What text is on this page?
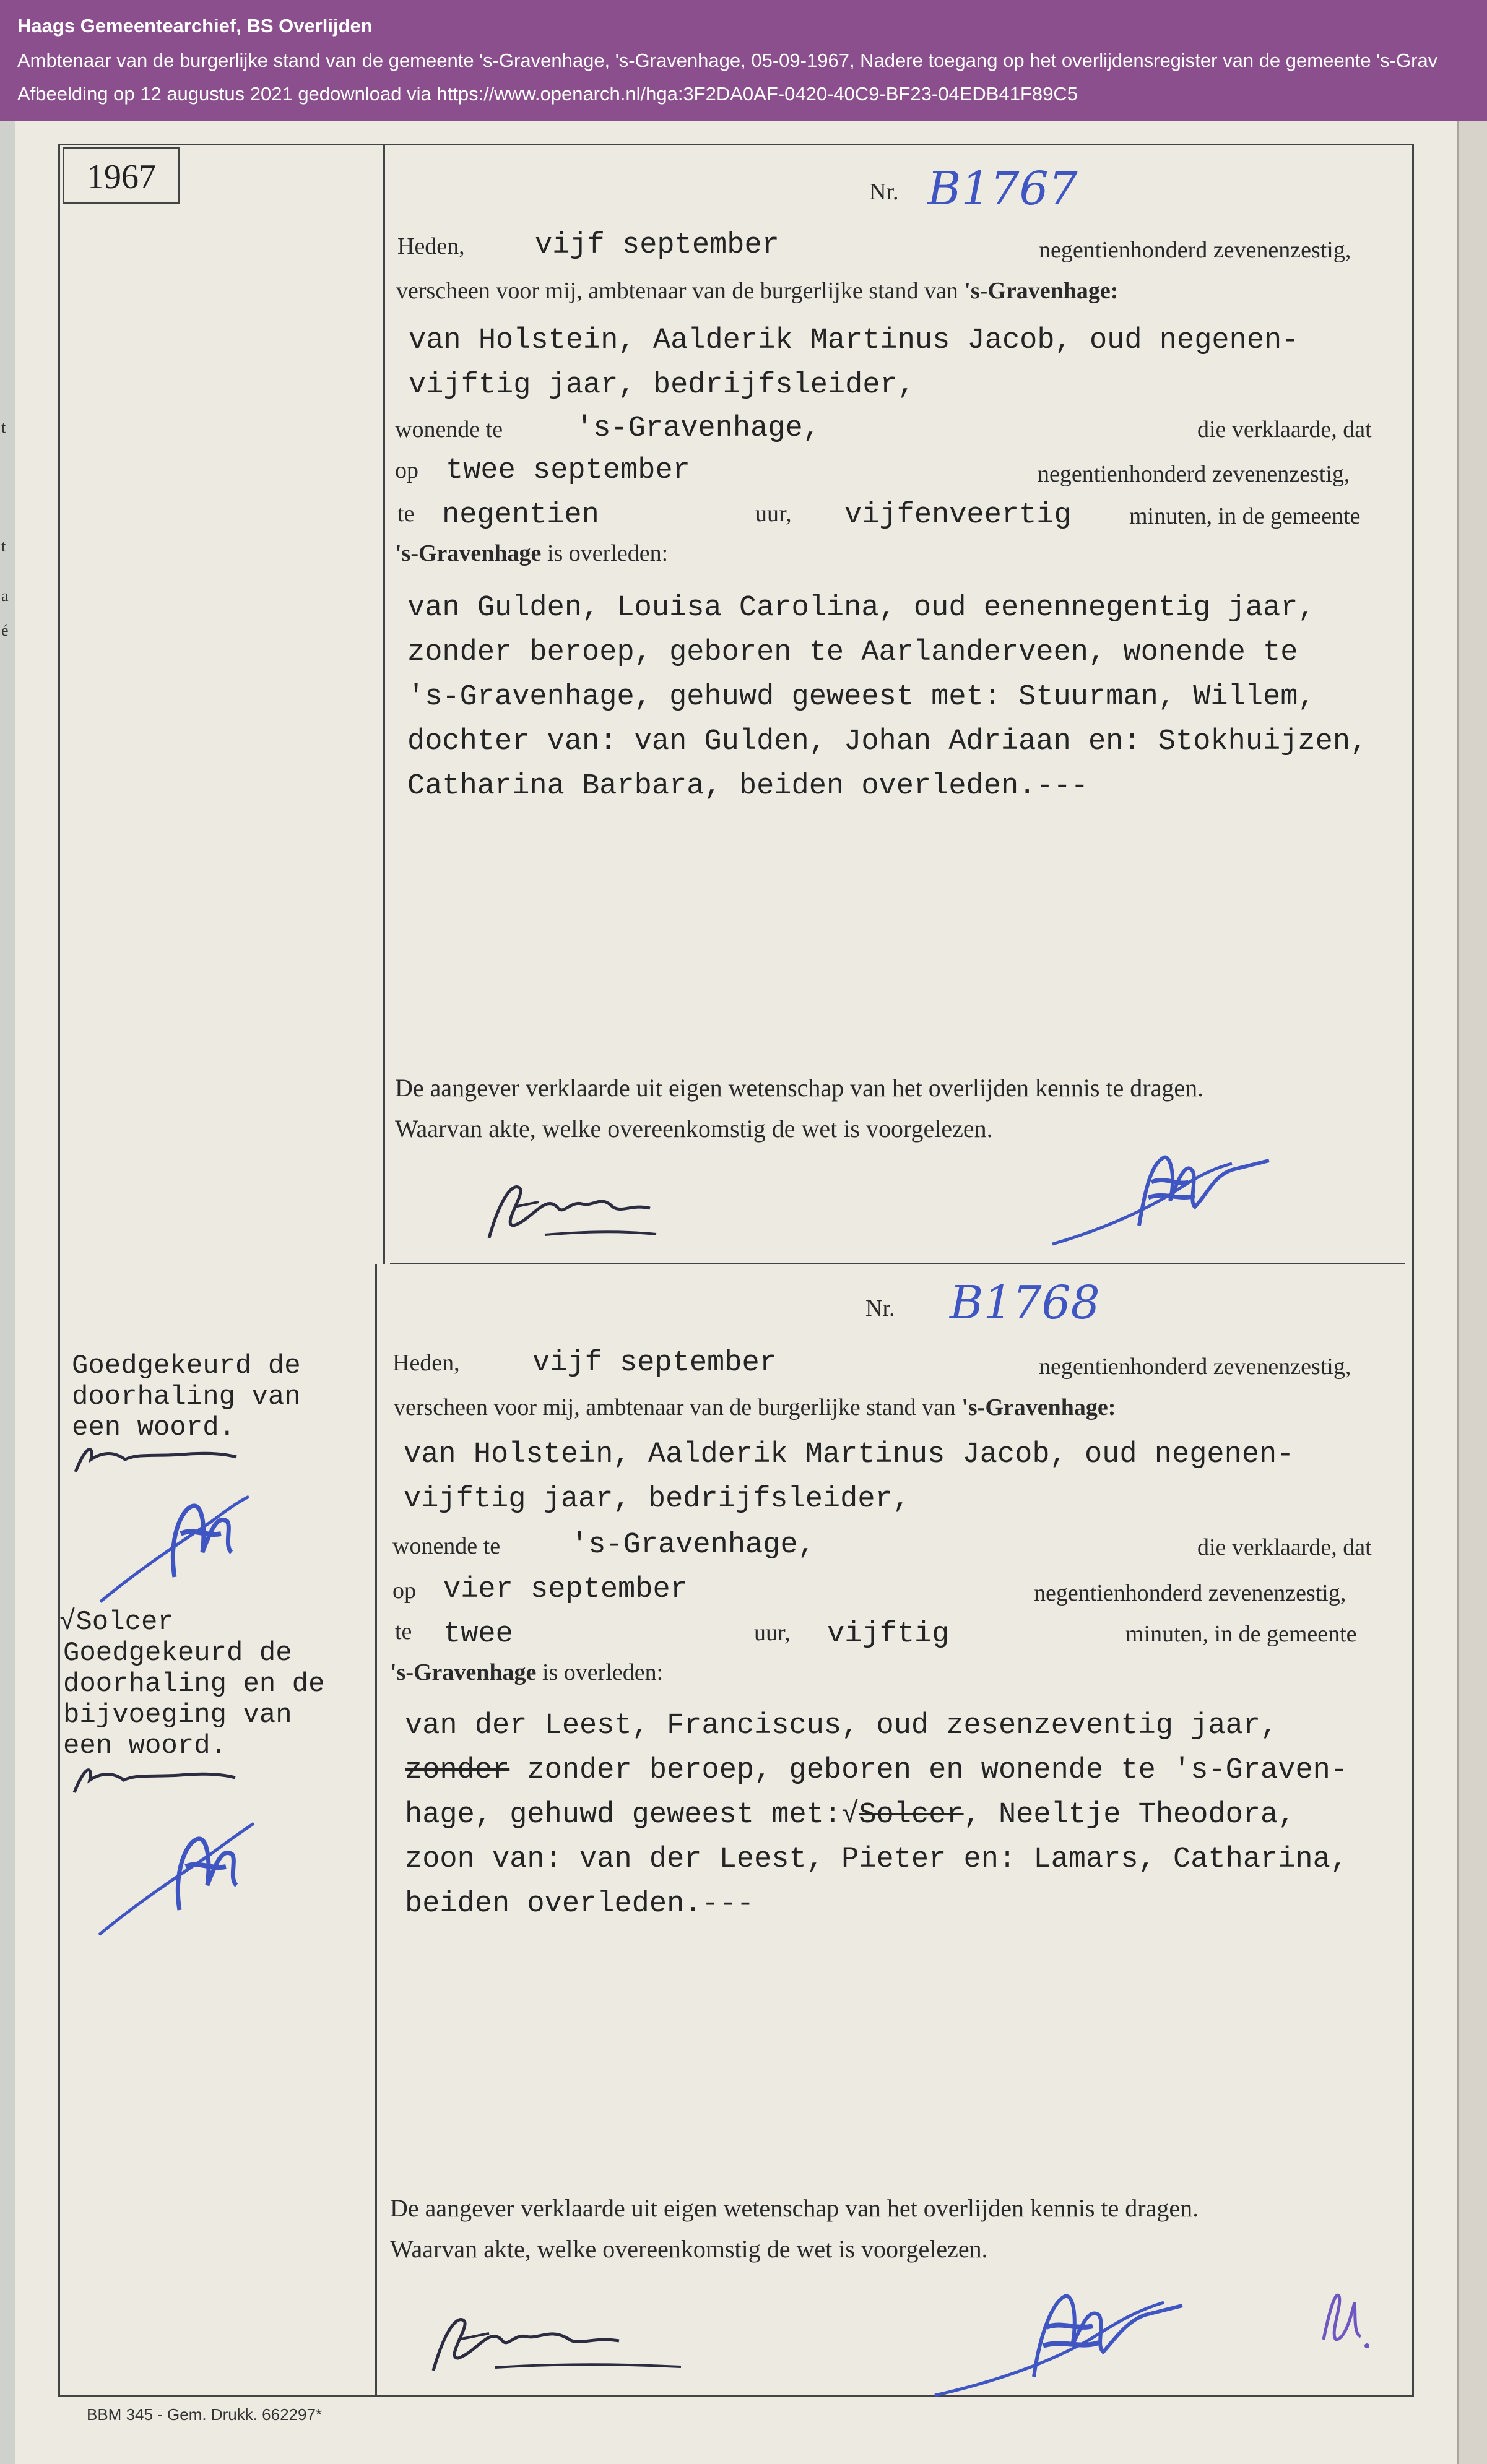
Haags Gemeentearchief, BS Overlijden
Ambtenaar van de burgerlijke stand van de gemeente 's-Gravenhage, 's-Gravenhage, 05-09-1967, Nadere toegang op het overlijdensregister van de gemeente 's-Grav
Afbeelding op 12 augustus 2021 gedownload via https://www.openarch.nl/hga:3F2DA0AF-0420-40C9-BF23-04EDB41F89C5
t
t
a
é
1967	Nr. B1767
Heden, vijf september	negentienhonderd zevenenzestig,
verscheen voor mij, ambtenaar van de burgerlijke stand van 's-Gravenhage:
van Holstein, Aalderik Martinus Jacob, oud negenen-
vijftig jaar, bedrijfsleider,
wonende te	's-Gravenhage,	die verklaarde, dat
op twee september	negentienhonderd zevenenzestig,
te negentien	uur, vijfenveertig minuten, in de gemeente
's-Gravenhage is overleden:
van Gulden, Louisa Carolina, oud eenennegentig jaar,
zonder beroep, geboren te Aarlanderveen, wonende te
's-Gravenhage, gehuwd geweest met: Stuurman, Willem,
dochter van: van Gulden, Johan Adriaan en: Stokhuijzen,
Catharina Barbara, beiden overleden.---
De aangever verklaarde uit eigen wetenschap van het overlijden kennis te dragen.
Waarvan akte, welke overeenkomstig de wet is voorgelezen.
Nr. B1768
Goedgekeurd de
doorhaling van
een woord.
√Solcer
Goedgekeurd de
doorhaling en de
bijvoeging van
een woord.
Heden, vijf september	negentienhonderd zevenenzestig,
verscheen voor mij, ambtenaar van de burgerlijke stand van 's-Gravenhage:
van Holstein, Aalderik Martinus Jacob, oud negenen-
vijftig jaar, bedrijfsleider,
wonende te 's-Gravenhage,	die verklaarde, dat
op vier september	negentienhonderd zevenenzestig,
te twee	uur, vijftig	minuten, in de gemeente
's-Gravenhage is overleden:
van der Leest, Franciscus, oud zesenzeventig jaar,
zonder zonder beroep, geboren en wonende te 's-Graven-
hage, gehuwd geweest met:√Solcer, Neeltje Theodora,
zoon van: van der Leest, Pieter en: Lamars, Catharina,
beiden overleden.---
De aangever verklaarde uit eigen wetenschap van het overlijden kennis te dragen.
Waarvan akte, welke overeenkomstig de wet is voorgelezen.
BBM 345 - Gem. Drukk. 662297*
